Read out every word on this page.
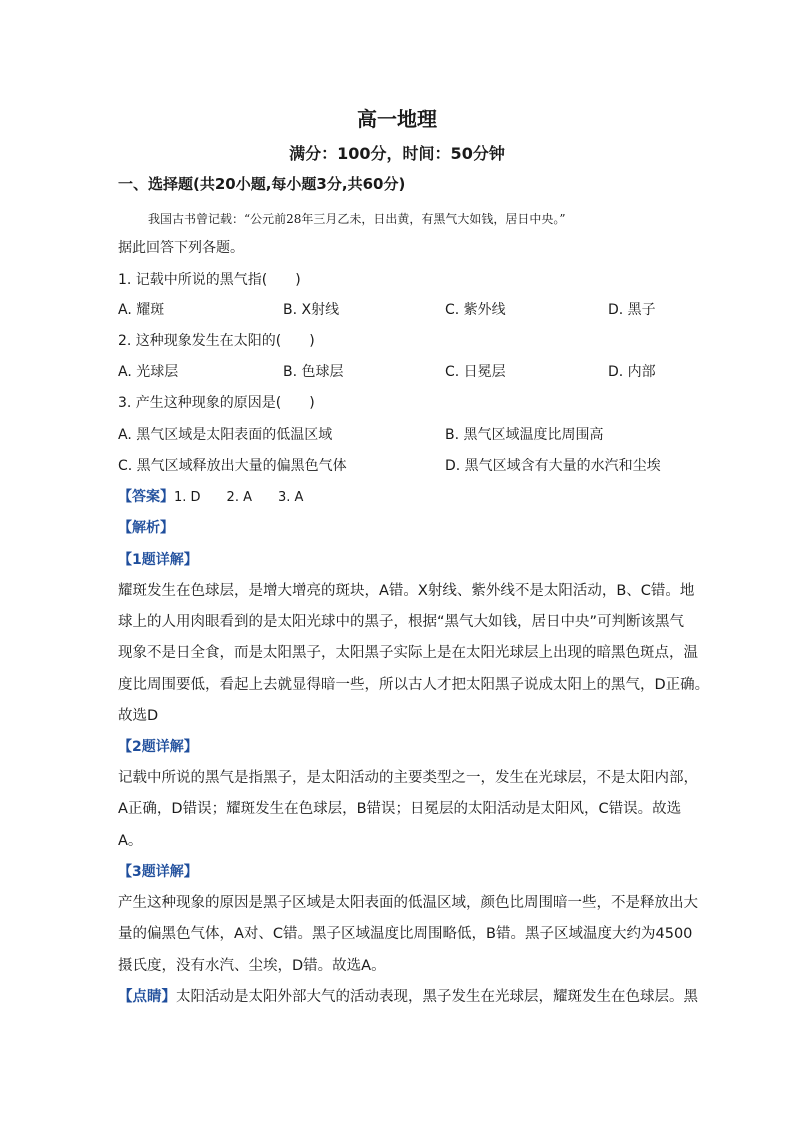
高一地理
满分：100分，时间：50分钟
一、选择题(共20小题,每小题3分,共60分)
我国古书曾记载：“公元前28年三月乙未，日出黄，有黑气大如钱，居日中央。”
据此回答下列各题。
1. 记载中所说的黑气指(　　)
A. 耀斑	B. X射线	C. 紫外线	D. 黑子
2. 这种现象发生在太阳的(　　)
A. 光球层	B. 色球层	C. 日冕层	D. 内部
3. 产生这种现象的原因是(　　)
A. 黑气区域是太阳表面的低温区域	B. 黑气区域温度比周围高
C. 黑气区域释放出大量的偏黑色气体	D. 黑气区域含有大量的水汽和尘埃
【答案】1. D　　2. A　　3. A
【解析】
【1题详解】
耀斑发生在色球层，是增大增亮的斑块，A错。X射线、紫外线不是太阳活动，B、C错。地
球上的人用肉眼看到的是太阳光球中的黑子，根据“黑气大如钱，居日中央”可判断该黑气
现象不是日全食，而是太阳黑子，太阳黑子实际上是在太阳光球层上出现的暗黑色斑点，温
度比周围要低，看起上去就显得暗一些，所以古人才把太阳黑子说成太阳上的黑气，D正确。
故选D
【2题详解】
记载中所说的黑气是指黑子，是太阳活动的主要类型之一，发生在光球层，不是太阳内部，
A正确，D错误；耀斑发生在色球层，B错误；日冕层的太阳活动是太阳风，C错误。故选
A。
【3题详解】
产生这种现象的原因是黑子区域是太阳表面的低温区域，颜色比周围暗一些，不是释放出大
量的偏黑色气体，A对、C错。黑子区域温度比周围略低，B错。黑子区域温度大约为4500
摄氏度，没有水汽、尘埃，D错。故选A。
【点睛】太阳活动是太阳外部大气的活动表现，黑子发生在光球层，耀斑发生在色球层。黑
